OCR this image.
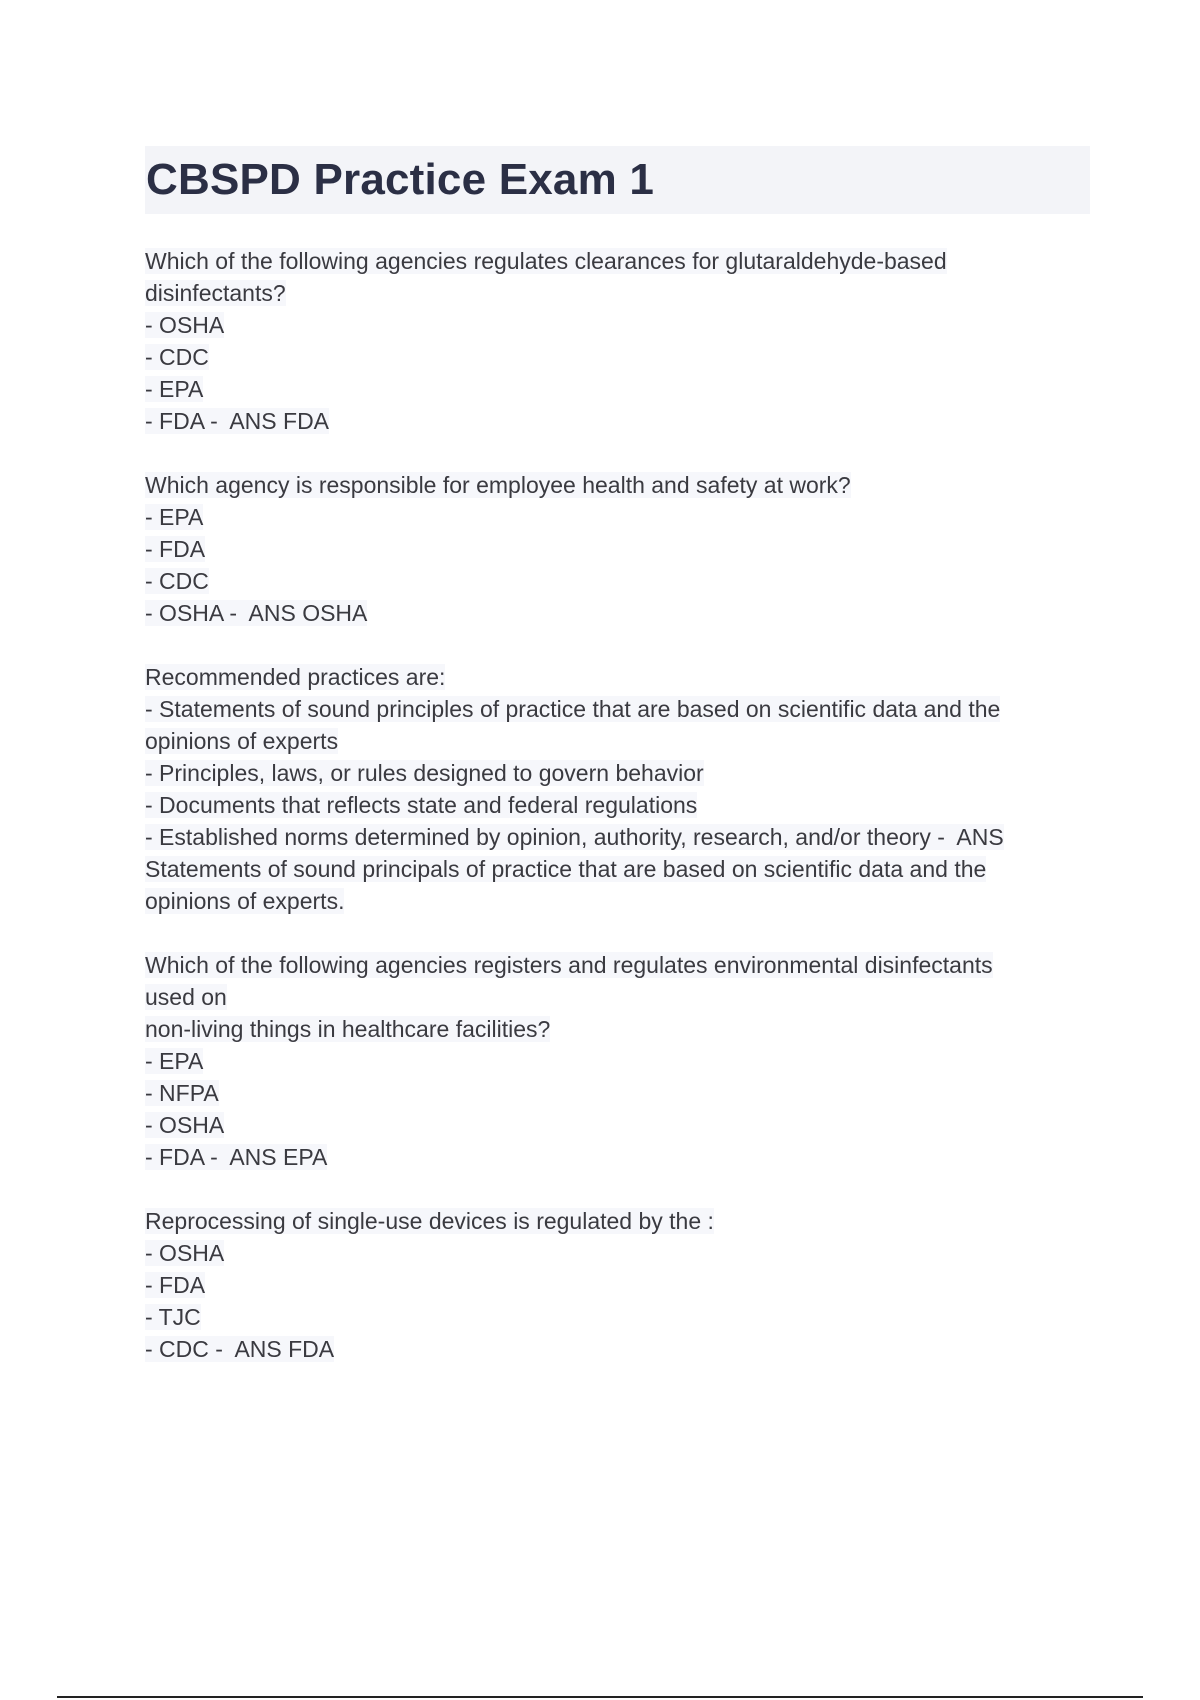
CBSPD Practice Exam 1
Which of the following agencies regulates clearances for glutaraldehyde-based
disinfectants?
- OSHA
- CDC
- EPA
- FDA -  ANS FDA
Which agency is responsible for employee health and safety at work?
- EPA
- FDA
- CDC
- OSHA -  ANS OSHA
Recommended practices are:
- Statements of sound principles of practice that are based on scientific data and the
opinions of experts
- Principles, laws, or rules designed to govern behavior
- Documents that reflects state and federal regulations
- Established norms determined by opinion, authority, research, and/or theory -  ANS
Statements of sound principals of practice that are based on scientific data and the
opinions of experts.
Which of the following agencies registers and regulates environmental disinfectants
used on
non-living things in healthcare facilities?
- EPA
- NFPA
- OSHA
- FDA -  ANS EPA
Reprocessing of single-use devices is regulated by the :
- OSHA
- FDA
- TJC
- CDC -  ANS FDA
